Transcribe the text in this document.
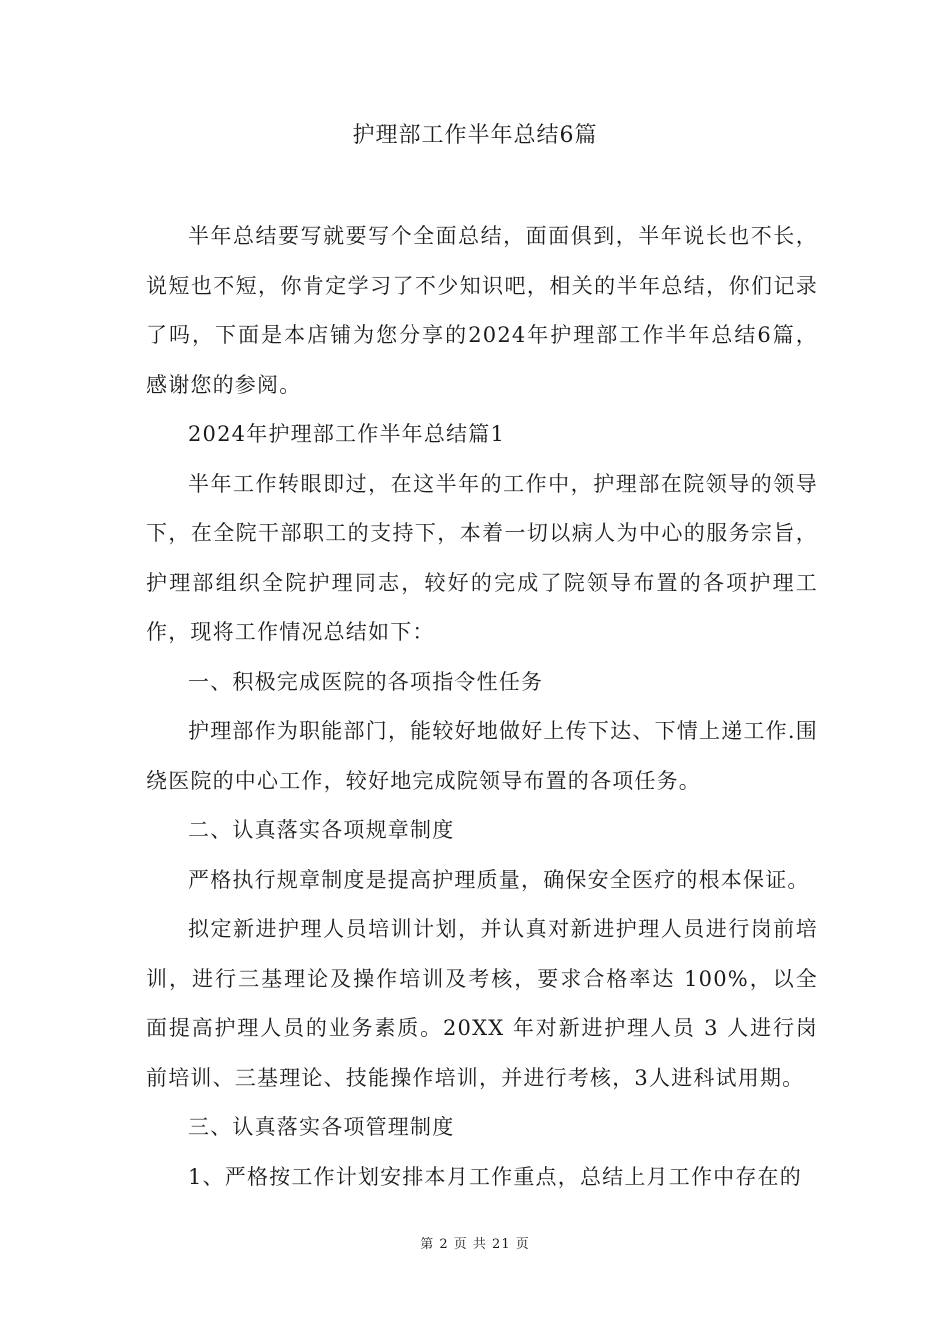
护理部工作半年总结6篇

半年总结要写就要写个全面总结，面面俱到，半年说长也不长，说短也不短，你肯定学习了不少知识吧，相关的半年总结，你们记录了吗，下面是本店铺为您分享的2024年护理部工作半年总结6篇，感谢您的参阅。

2024年护理部工作半年总结篇1

半年工作转眼即过，在这半年的工作中，护理部在院领导的领导下，在全院干部职工的支持下，本着一切以病人为中心的服务宗旨，护理部组织全院护理同志，较好的完成了院领导布置的各项护理工作，现将工作情况总结如下：

一、积极完成医院的各项指令性任务

护理部作为职能部门，能较好地做好上传下达、下情上递工作.围绕医院的中心工作，较好地完成院领导布置的各项任务。

二、认真落实各项规章制度

严格执行规章制度是提高护理质量，确保安全医疗的根本保证。

拟定新进护理人员培训计划，并认真对新进护理人员进行岗前培训，进行三基理论及操作培训及考核，要求合格率达 100%，以全面提高护理人员的业务素质。20XX 年对新进护理人员 3 人进行岗前培训、三基理论、技能操作培训，并进行考核，3人进科试用期。

三、认真落实各项管理制度

1、严格按工作计划安排本月工作重点，总结上月工作中存在的

第 2 页 共 21 页
